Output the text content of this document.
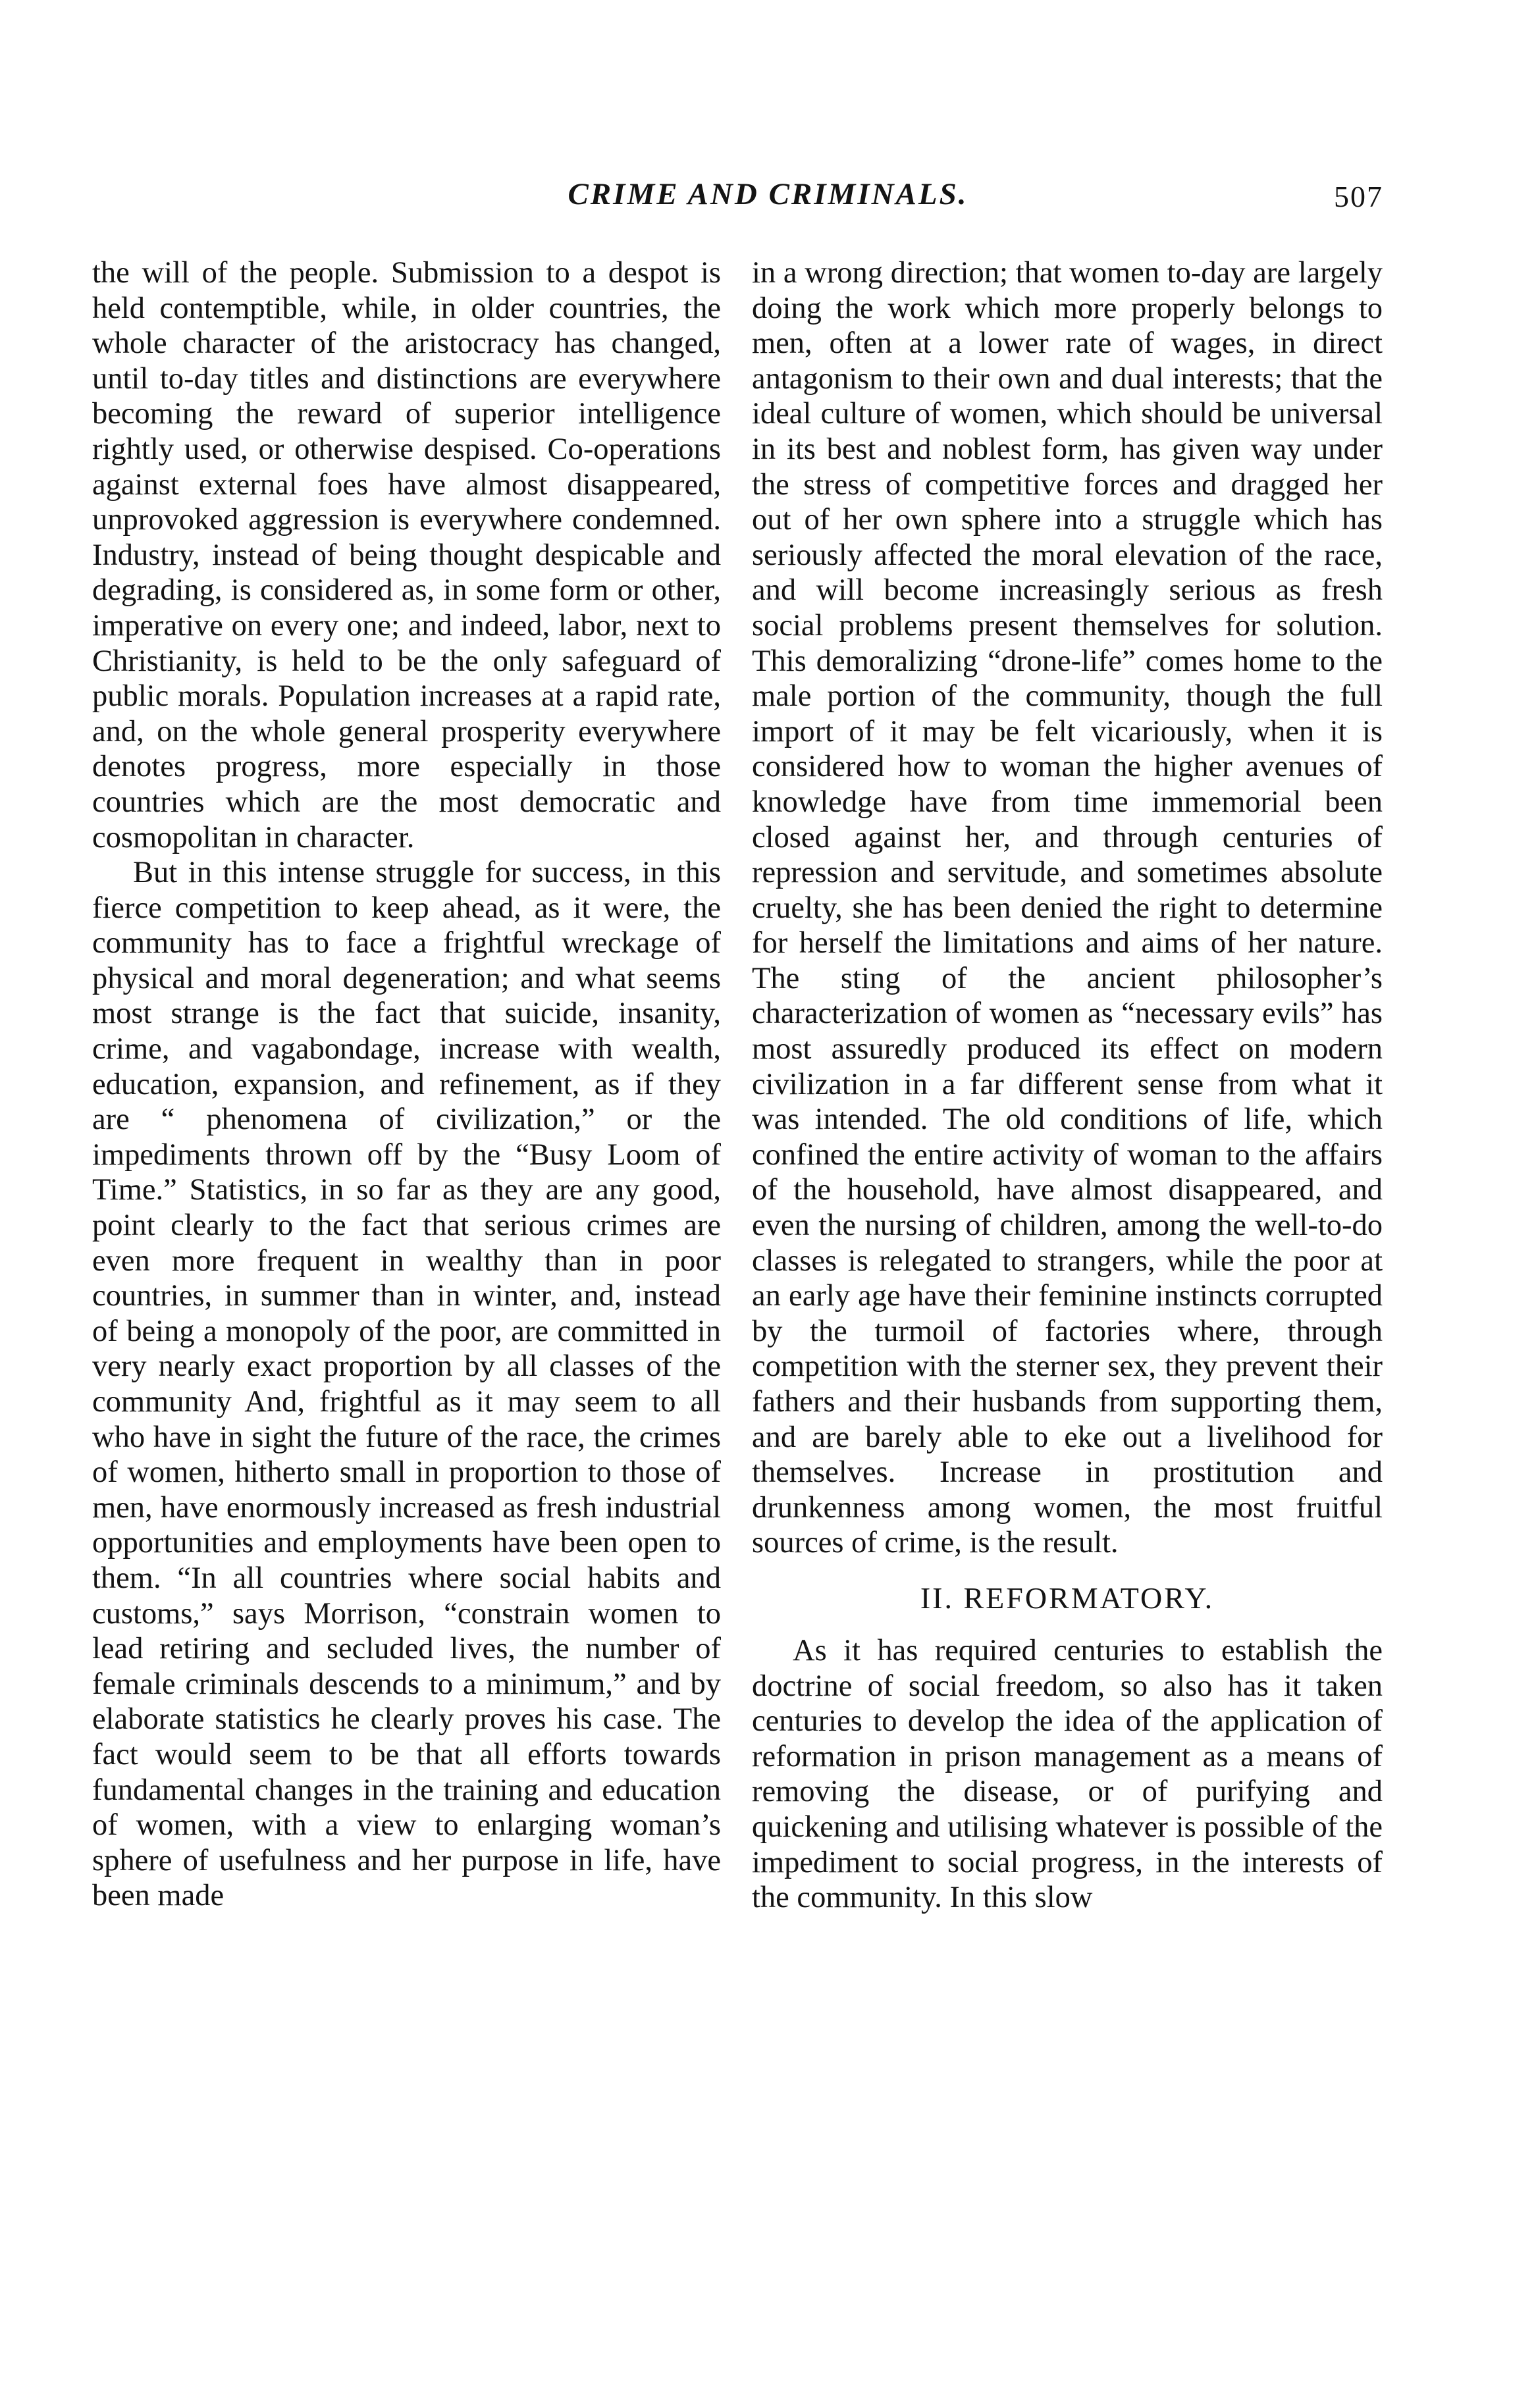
CRIME AND CRIMINALS.	507

the will of the people. Submission to a despot is held contemptible, while, in older countries, the whole character of the aristocracy has changed, until to-day titles and distinctions are everywhere becoming the reward of superior intelligence rightly used, or otherwise despised. Co-operations against external foes have almost disappeared, unprovoked aggression is everywhere condemned. Industry, instead of being thought despicable and degrading, is considered as, in some form or other, imperative on every one; and indeed, labor, next to Christianity, is held to be the only safeguard of public morals. Population increases at a rapid rate, and, on the whole general prosperity everywhere denotes progress, more especially in those countries which are the most democratic and cosmopolitan in character.

But in this intense struggle for success, in this fierce competition to keep ahead, as it were, the community has to face a frightful wreckage of physical and moral degeneration; and what seems most strange is the fact that suicide, insanity, crime, and vagabondage, increase with wealth, education, expansion, and refinement, as if they are “ phenomena of civilization,” or the impediments thrown off by the “Busy Loom of Time.” Statistics, in so far as they are any good, point clearly to the fact that serious crimes are even more frequent in wealthy than in poor countries, in summer than in winter, and, instead of being a monopoly of the poor, are committed in very nearly exact proportion by all classes of the community And, frightful as it may seem to all who have in sight the future of the race, the crimes of women, hitherto small in proportion to those of men, have enormously increased as fresh industrial opportunities and employments have been open to them. “In all countries where social habits and customs,” says Morrison, “constrain women to lead retiring and secluded lives, the number of female criminals descends to a minimum,” and by elaborate statistics he clearly proves his case. The fact would seem to be that all efforts towards fundamental changes in the training and education of women, with a view to enlarging woman’s sphere of usefulness and her purpose in life, have been made

in a wrong direction; that women to-day are largely doing the work which more properly belongs to men, often at a lower rate of wages, in direct antagonism to their own and dual interests; that the ideal culture of women, which should be universal in its best and noblest form, has given way under the stress of competitive forces and dragged her out of her own sphere into a struggle which has seriously affected the moral elevation of the race, and will become increasingly serious as fresh social problems present themselves for solution. This demoralizing “drone-life” comes home to the male portion of the community, though the full import of it may be felt vicariously, when it is considered how to woman the higher avenues of knowledge have from time immemorial been closed against her, and through centuries of repression and servitude, and sometimes absolute cruelty, she has been denied the right to determine for herself the limitations and aims of her nature. The sting of the ancient philosopher’s characterization of women as “necessary evils” has most assuredly produced its effect on modern civilization in a far different sense from what it was intended. The old conditions of life, which confined the entire activity of woman to the affairs of the household, have almost disappeared, and even the nursing of children, among the well-to-do classes is relegated to strangers, while the poor at an early age have their feminine instincts corrupted by the turmoil of factories where, through competition with the sterner sex, they prevent their fathers and their husbands from supporting them, and are barely able to eke out a livelihood for themselves. Increase in prostitution and drunkenness among women, the most fruitful sources of crime, is the result.

II. REFORMATORY.

As it has required centuries to establish the doctrine of social freedom, so also has it taken centuries to develop the idea of the application of reformation in prison management as a means of removing the disease, or of purifying and quickening and utilising whatever is possible of the impediment to social progress, in the interests of the community. In this slow
